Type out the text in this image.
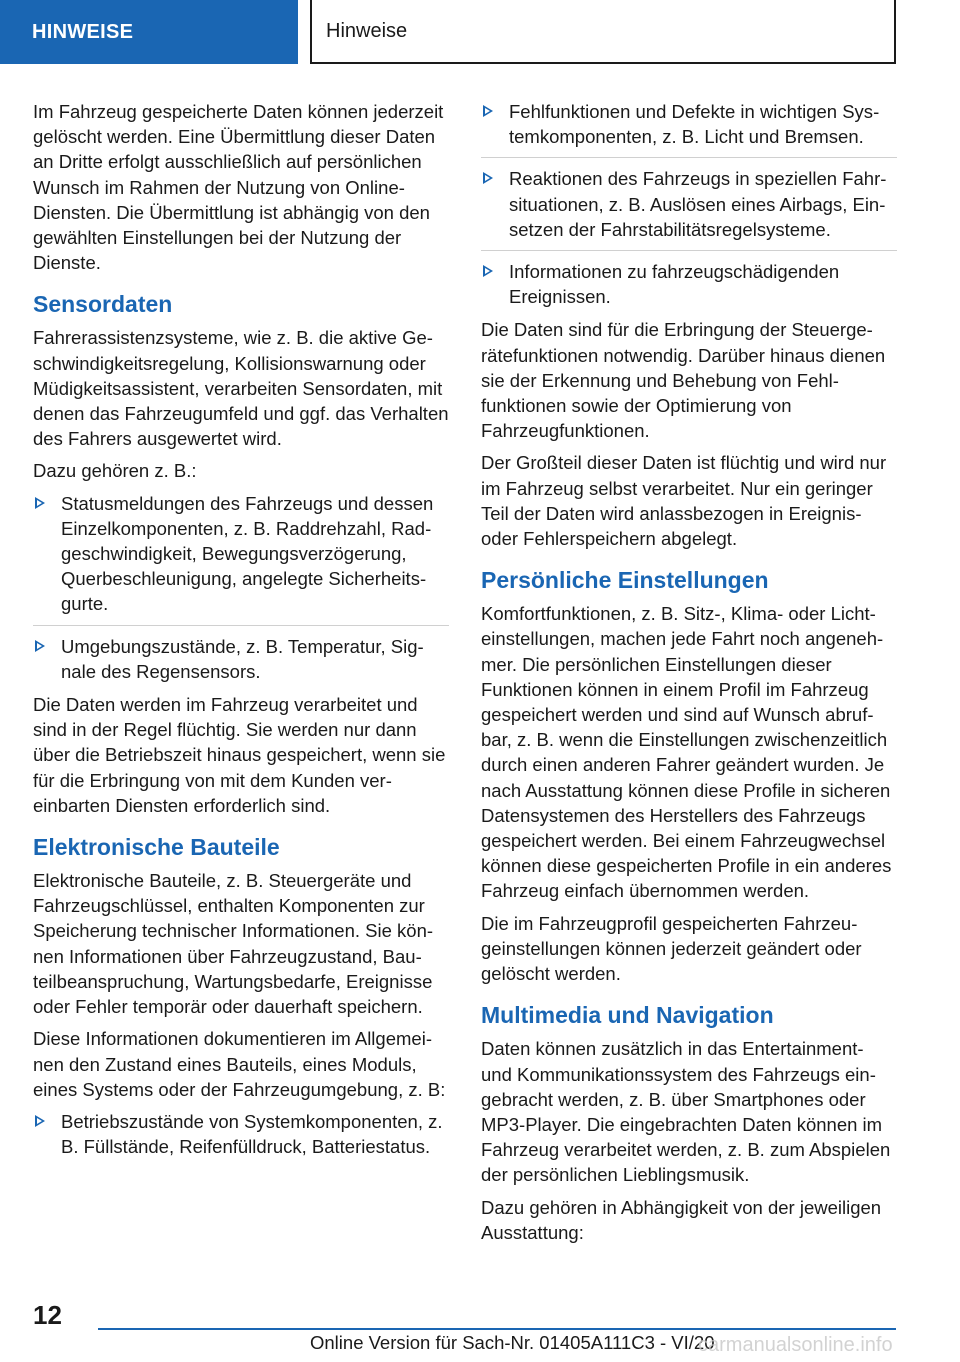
HINWEISE	Hinweise

Im Fahrzeug gespeicherte Daten können jederzeit gelöscht werden. Eine Übermittlung dieser Daten an Dritte erfolgt ausschließlich auf persönlichen Wunsch im Rahmen der Nutzung von Online-Diensten. Die Übermittlung ist abhängig von den gewählten Einstellungen bei der Nutzung der Dienste.

Sensordaten

Fahrerassistenzsysteme, wie z. B. die aktive Geschwindigkeitsregelung, Kollisionswarnung oder Müdigkeitsassistent, verarbeiten Sensordaten, mit denen das Fahrzeugumfeld und ggf. das Verhalten des Fahrers ausgewertet wird.

Dazu gehören z. B.:

Statusmeldungen des Fahrzeugs und dessen Einzelkomponenten, z. B. Raddrehzahl, Radgeschwindigkeit, Bewegungsverzögerung, Querbeschleunigung, angelegte Sicherheitsgurte.
Umgebungszustände, z. B. Temperatur, Signale des Regensensors.

Die Daten werden im Fahrzeug verarbeitet und sind in der Regel flüchtig. Sie werden nur dann über die Betriebszeit hinaus gespeichert, wenn sie für die Erbringung von mit dem Kunden vereinbarten Diensten erforderlich sind.

Elektronische Bauteile

Elektronische Bauteile, z. B. Steuergeräte und Fahrzeugschlüssel, enthalten Komponenten zur Speicherung technischer Informationen. Sie können Informationen über Fahrzeugzustand, Bauteilbeanspruchung, Wartungsbedarfe, Ereignisse oder Fehler temporär oder dauerhaft speichern.

Diese Informationen dokumentieren im Allgemeinen den Zustand eines Bauteils, eines Moduls, eines Systems oder der Fahrzeugumgebung, z. B:

Betriebszustände von Systemkomponenten, z. B. Füllstände, Reifenfülldruck, Batteriestatus.
Fehlfunktionen und Defekte in wichtigen Systemkomponenten, z. B. Licht und Bremsen.
Reaktionen des Fahrzeugs in speziellen Fahrsituationen, z. B. Auslösen eines Airbags, Einsetzen der Fahrstabilitätsregelsysteme.
Informationen zu fahrzeugschädigenden Ereignissen.

Die Daten sind für die Erbringung der Steuergerätefunktionen notwendig. Darüber hinaus dienen sie der Erkennung und Behebung von Fehlfunktionen sowie der Optimierung von Fahrzeugfunktionen.

Der Großteil dieser Daten ist flüchtig und wird nur im Fahrzeug selbst verarbeitet. Nur ein geringer Teil der Daten wird anlassbezogen in Ereignis- oder Fehlerspeichern abgelegt.

Persönliche Einstellungen

Komfortfunktionen, z. B. Sitz-, Klima- oder Lichteinstellungen, machen jede Fahrt noch angenehmer. Die persönlichen Einstellungen dieser Funktionen können in einem Profil im Fahrzeug gespeichert werden und sind auf Wunsch abrufbar, z. B. wenn die Einstellungen zwischenzeitlich durch einen anderen Fahrer geändert wurden. Je nach Ausstattung können diese Profile in sicheren Datensystemen des Herstellers des Fahrzeugs gespeichert werden. Bei einem Fahrzeugwechsel können diese gespeicherten Profile in ein anderes Fahrzeug einfach übernommen werden.

Die im Fahrzeugprofil gespeicherten Fahrzeugeinstellungen können jederzeit geändert oder gelöscht werden.

Multimedia und Navigation

Daten können zusätzlich in das Entertainment- und Kommunikationssystem des Fahrzeugs eingebracht werden, z. B. über Smartphones oder MP3-Player. Die eingebrachten Daten können im Fahrzeug verarbeitet werden, z. B. zum Abspielen der persönlichen Lieblingsmusik.

Dazu gehören in Abhängigkeit von der jeweiligen Ausstattung:

12
Online Version für Sach-Nr. 01405A111C3 - VI/20
carmanualsonline.info
